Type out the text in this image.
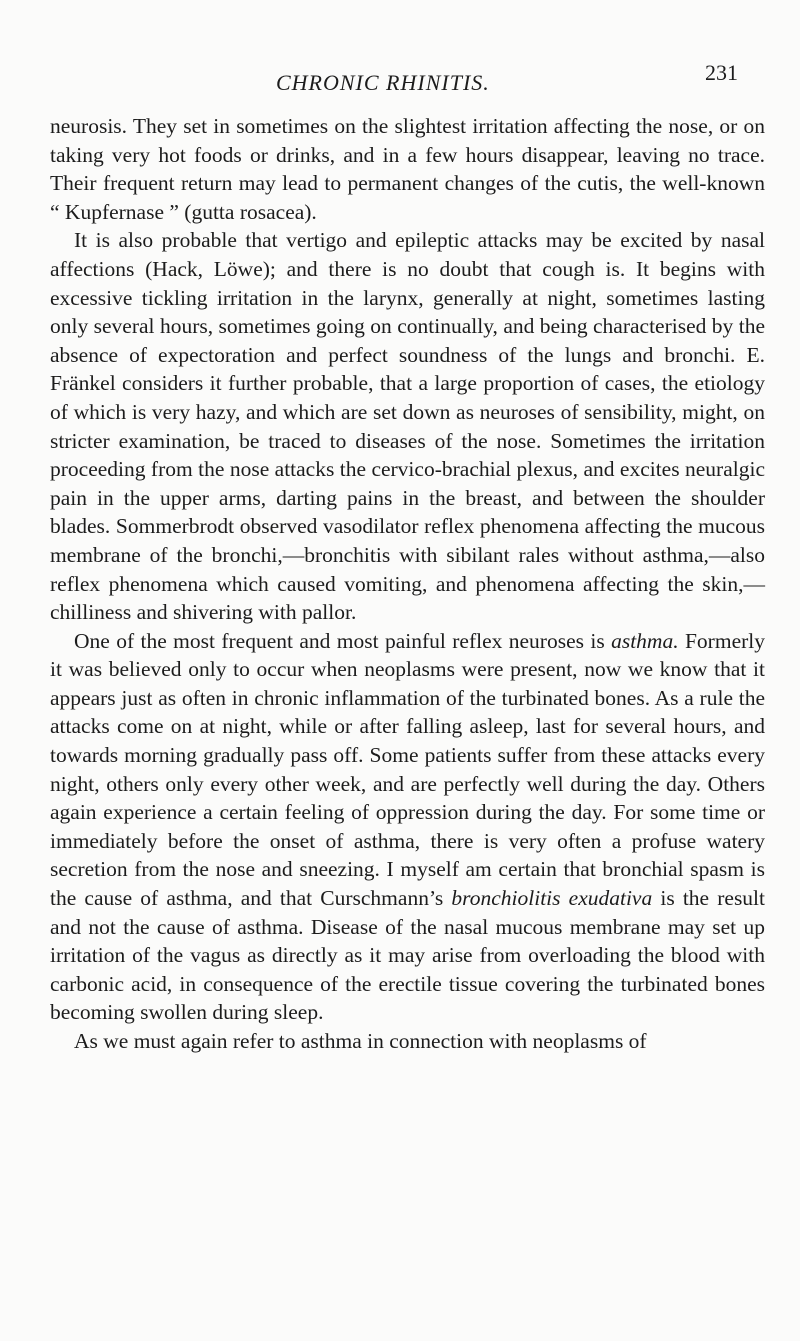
CHRONIC RHINITIS.	231

neurosis. They set in sometimes on the slightest irritation affecting the nose, or on taking very hot foods or drinks, and in a few hours disappear, leaving no trace. Their frequent return may lead to permanent changes of the cutis, the well-known “ Kupfernase ” (gutta rosacea).

It is also probable that vertigo and epileptic attacks may be excited by nasal affections (Hack, Löwe); and there is no doubt that cough is. It begins with excessive tickling irritation in the larynx, generally at night, sometimes lasting only several hours, sometimes going on continually, and being characterised by the absence of expectoration and perfect soundness of the lungs and bronchi. E. Fränkel considers it further probable, that a large proportion of cases, the etiology of which is very hazy, and which are set down as neuroses of sensibility, might, on stricter examination, be traced to diseases of the nose. Sometimes the irritation proceeding from the nose attacks the cervico-brachial plexus, and excites neuralgic pain in the upper arms, darting pains in the breast, and between the shoulder blades. Sommerbrodt observed vasodilator reflex phenomena affecting the mucous membrane of the bronchi,—bronchitis with sibilant rales without asthma,—also reflex phenomena which caused vomiting, and phenomena affecting the skin,—chilliness and shivering with pallor.

One of the most frequent and most painful reflex neuroses is asthma. Formerly it was believed only to occur when neoplasms were present, now we know that it appears just as often in chronic inflammation of the turbinated bones. As a rule the attacks come on at night, while or after falling asleep, last for several hours, and towards morning gradually pass off. Some patients suffer from these attacks every night, others only every other week, and are perfectly well during the day. Others again experience a certain feeling of oppression during the day. For some time or immediately before the onset of asthma, there is very often a profuse watery secretion from the nose and sneezing. I myself am certain that bronchial spasm is the cause of asthma, and that Curschmann’s bronchiolitis exudativa is the result and not the cause of asthma. Disease of the nasal mucous membrane may set up irritation of the vagus as directly as it may arise from overloading the blood with carbonic acid, in consequence of the erectile tissue covering the turbinated bones becoming swollen during sleep.

As we must again refer to asthma in connection with neoplasms of
